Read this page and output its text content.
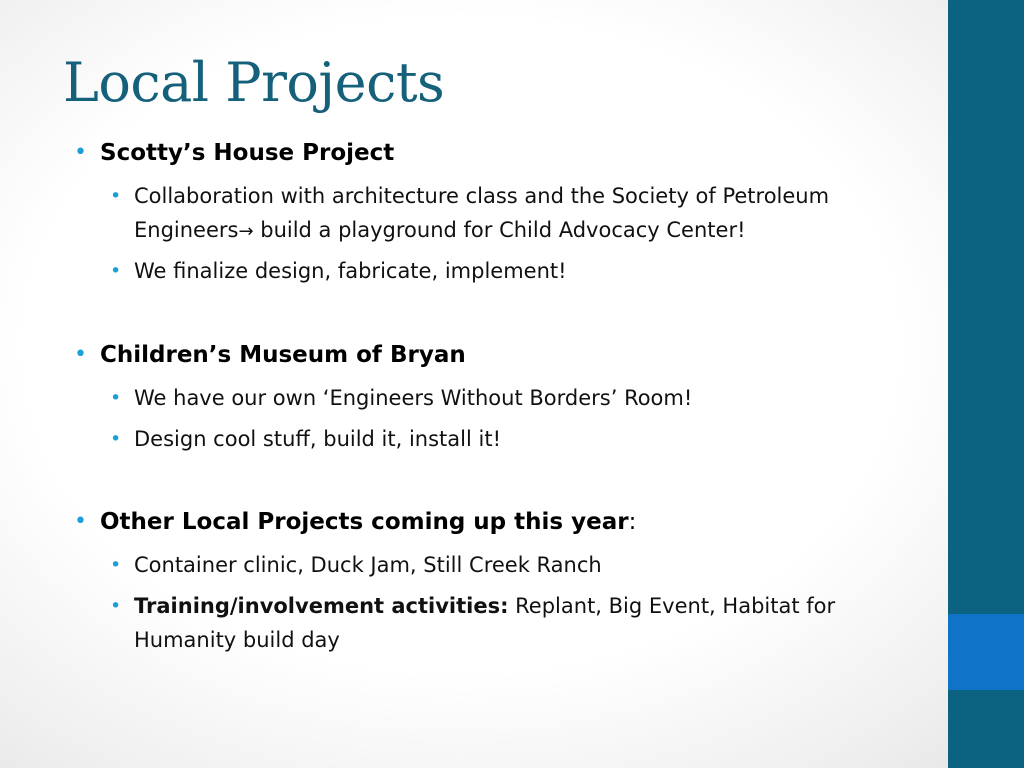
Local Projects
• Scotty’s House Project
• Collaboration with architecture class and the Society of Petroleum Engineers→ build a playground for Child Advocacy Center!
• We finalize design, fabricate, implement!
• Children’s Museum of Bryan
• We have our own ‘Engineers Without Borders’ Room!
• Design cool stuff, build it, install it!
• Other Local Projects coming up this year:
• Container clinic, Duck Jam, Still Creek Ranch
• Training/involvement activities: Replant, Big Event, Habitat for Humanity build day
